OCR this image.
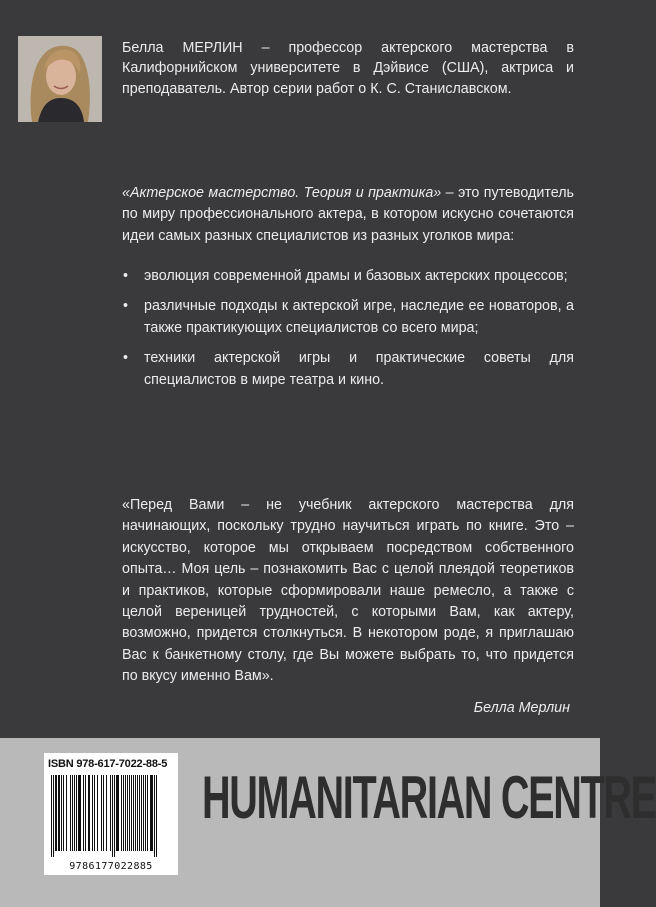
Белла МЕРЛИН – профессор актерского мастерства в Калифорнийском университете в Дэйвисе (США), актриса и преподаватель. Автор серии работ о К. С. Станиславском.
«Актерское мастерство. Теория и практика» – это путеводитель по миру профессионального актера, в котором искусно сочетаются идеи самых разных специалистов из разных уголков мира:
• эволюция современной драмы и базовых актерских процессов;
• различные подходы к актерской игре, наследие ее новаторов, а также практикующих специалистов со всего мира;
• техники актерской игры и практические советы для специалистов в мире театра и кино.
«Перед Вами – не учебник актерского мастерства для начинающих, поскольку трудно научиться играть по книге. Это – искусство, которое мы открываем посредством собственного опыта… Моя цель – познакомить Вас с целой плеядой теоретиков и практиков, которые сформировали наше ремесло, а также с целой вереницей трудностей, с которыми Вам, как актеру, возможно, придется столкнуться. В некотором роде, я приглашаю Вас к банкетному столу, где Вы можете выбрать то, что придется по вкусу именно Вам».
Белла Мерлин
ISBN 978-617-7022-88-5
9786177022885
HUMANITARIAN CENTRE
